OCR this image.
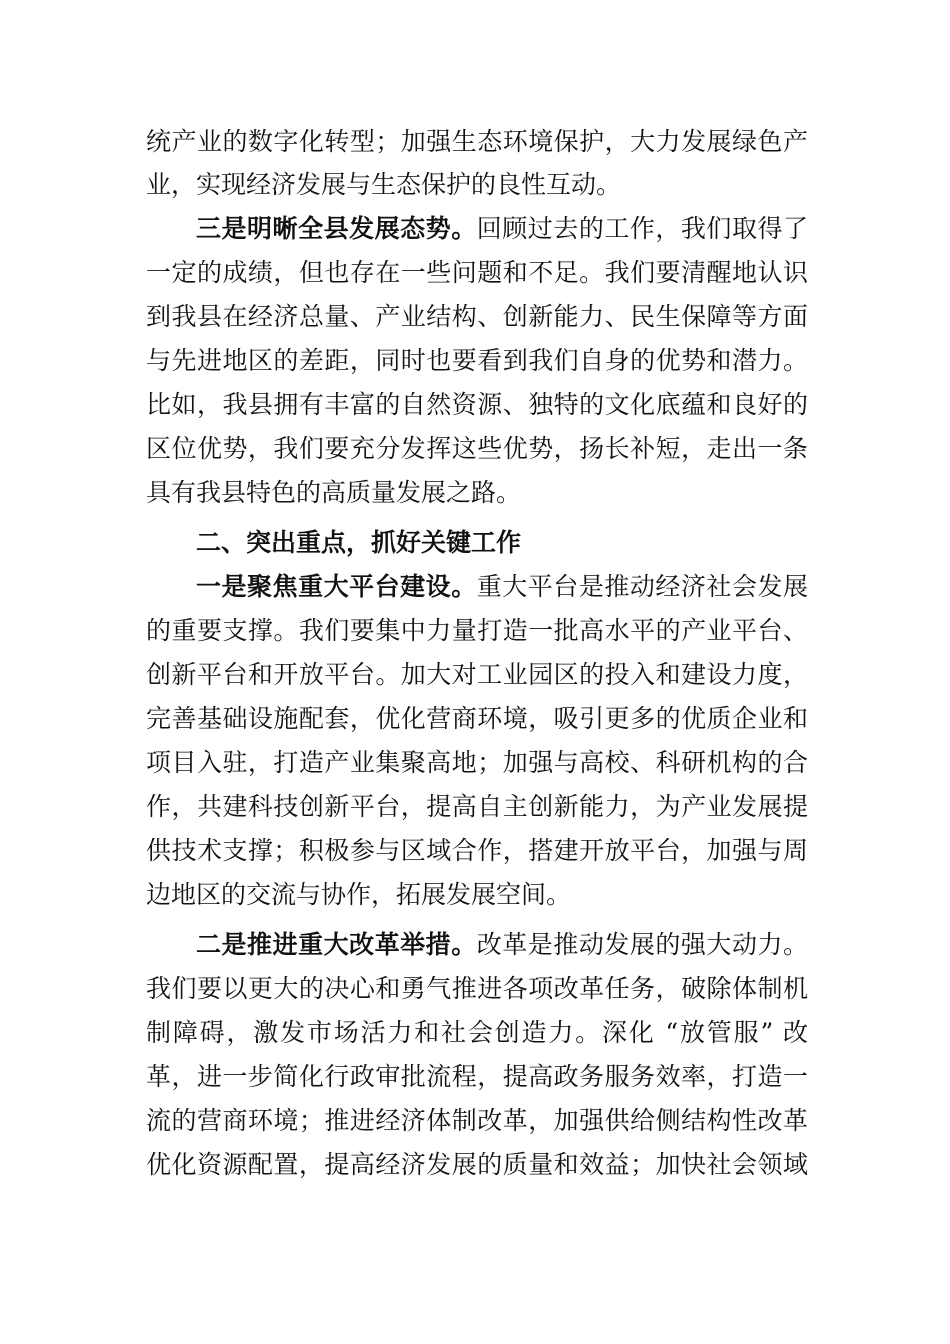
统产业的数字化转型；加强生态环境保护，大力发展绿色产
业，实现经济发展与生态保护的良性互动。
三是明晰全县发展态势。回顾过去的工作，我们取得了
一定的成绩，但也存在一些问题和不足。我们要清醒地认识
到我县在经济总量、产业结构、创新能力、民生保障等方面
与先进地区的差距，同时也要看到我们自身的优势和潜力。
比如，我县拥有丰富的自然资源、独特的文化底蕴和良好的
区位优势，我们要充分发挥这些优势，扬长补短，走出一条
具有我县特色的高质量发展之路。
二、突出重点，抓好关键工作
一是聚焦重大平台建设。重大平台是推动经济社会发展
的重要支撑。我们要集中力量打造一批高水平的产业平台、
创新平台和开放平台。加大对工业园区的投入和建设力度，
完善基础设施配套，优化营商环境，吸引更多的优质企业和
项目入驻，打造产业集聚高地；加强与高校、科研机构的合
作，共建科技创新平台，提高自主创新能力，为产业发展提
供技术支撑；积极参与区域合作，搭建开放平台，加强与周
边地区的交流与协作，拓展发展空间。
二是推进重大改革举措。改革是推动发展的强大动力。
我们要以更大的决心和勇气推进各项改革任务，破除体制机
制障碍，激发市场活力和社会创造力。深化 “放管服” 改
革，进一步简化行政审批流程，提高政务服务效率，打造一
流的营商环境；推进经济体制改革，加强供给侧结构性改革
优化资源配置，提高经济发展的质量和效益；加快社会领域
